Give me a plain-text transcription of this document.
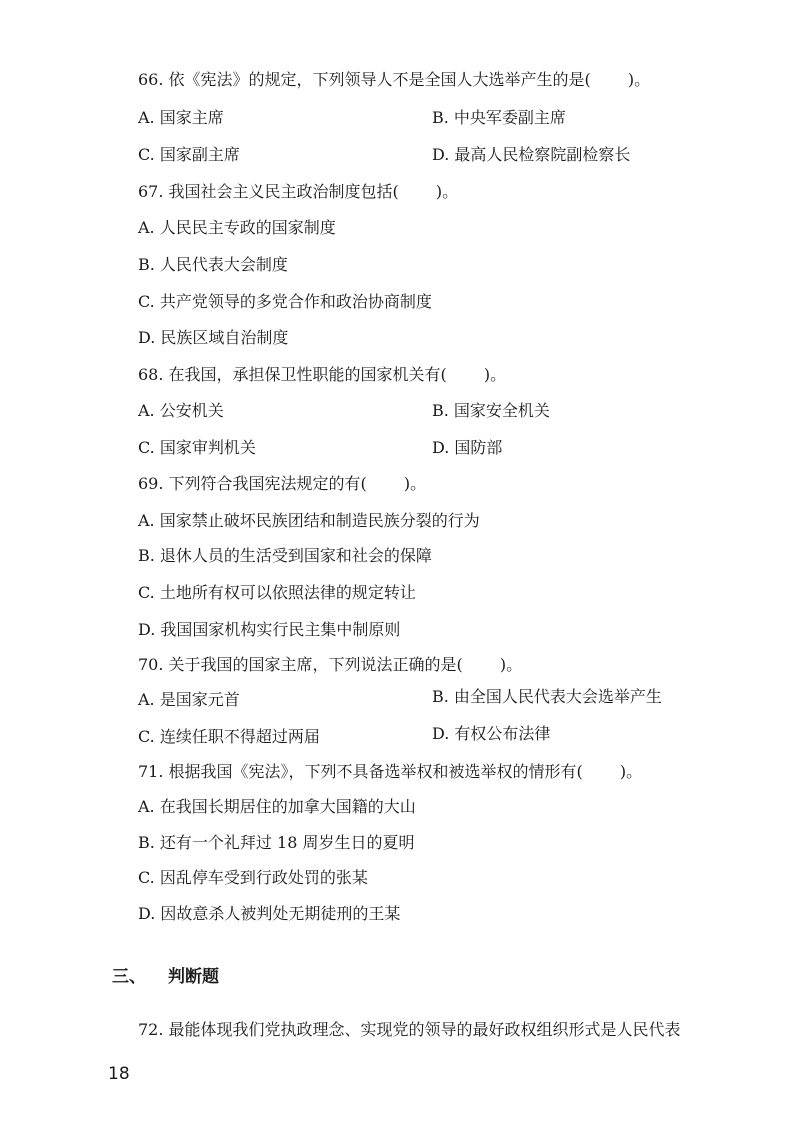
66. 依《宪法》的规定，下列领导人不是全国人大选举产生的是(　　 )。
A. 国家主席	B. 中央军委副主席
C. 国家副主席	D. 最高人民检察院副检察长
67. 我国社会主义民主政治制度包括(　　 )。
A. 人民民主专政的国家制度
B. 人民代表大会制度
C. 共产党领导的多党合作和政治协商制度
D. 民族区域自治制度
68. 在我国，承担保卫性职能的国家机关有(　　 )。
A. 公安机关	B. 国家安全机关
C. 国家审判机关	D. 国防部
69. 下列符合我国宪法规定的有(　　 )。
A. 国家禁止破坏民族团结和制造民族分裂的行为
B. 退休人员的生活受到国家和社会的保障
C. 土地所有权可以依照法律的规定转让
D. 我国国家机构实行民主集中制原则
70. 关于我国的国家主席，下列说法正确的是(　　 )。
A. 是国家元首	B. 由全国人民代表大会选举产生
C. 连续任职不得超过两届	D. 有权公布法律
71. 根据我国《宪法》，下列不具备选举权和被选举权的情形有(　　 )。
A. 在我国长期居住的加拿大国籍的大山
B. 还有一个礼拜过 18 周岁生日的夏明
C. 因乱停车受到行政处罚的张某
D. 因故意杀人被判处无期徒刑的王某
三、 判断题
72. 最能体现我们党执政理念、实现党的领导的最好政权组织形式是人民代表
18
